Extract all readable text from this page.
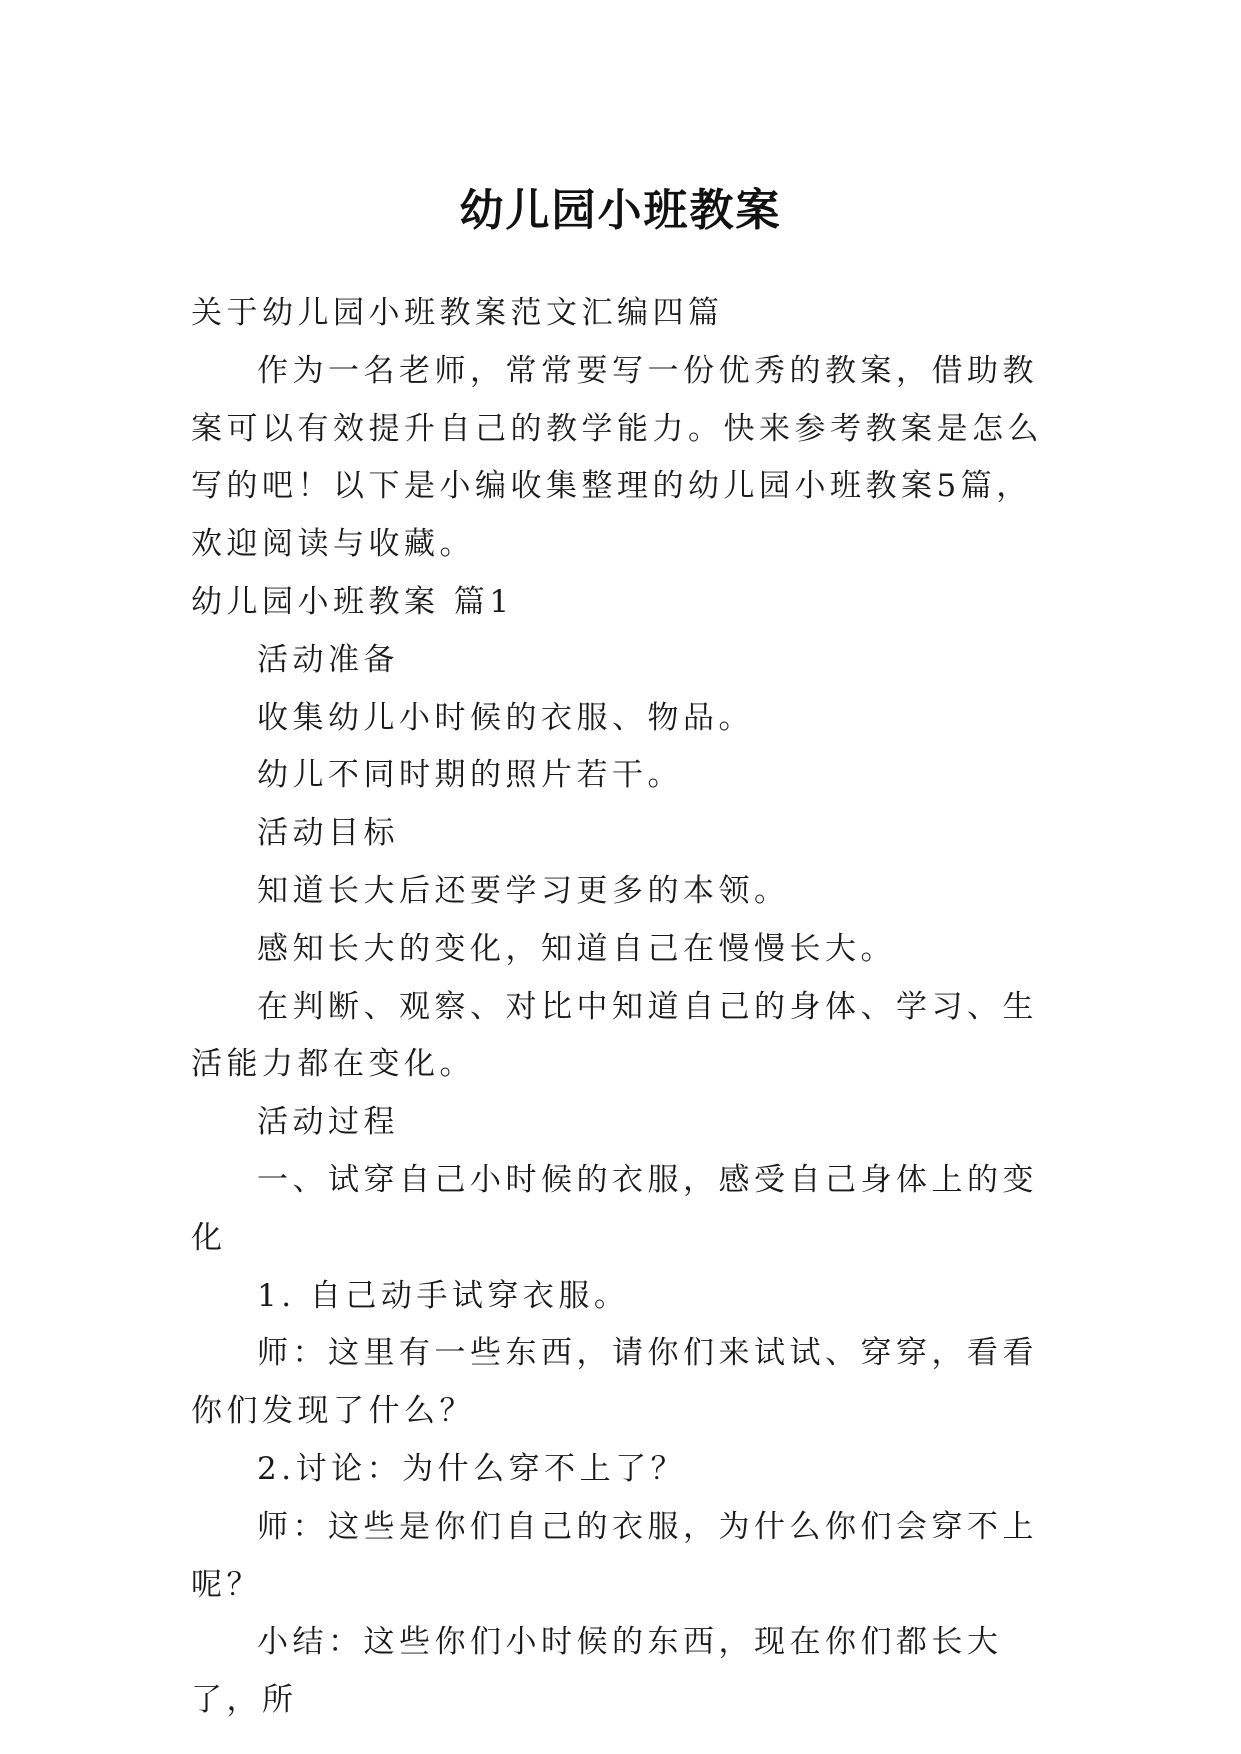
幼儿园小班教案

关于幼儿园小班教案范文汇编四篇

作为一名老师，常常要写一份优秀的教案，借助教案可以有效提升自己的教学能力。快来参考教案是怎么写的吧！以下是小编收集整理的幼儿园小班教案5篇，欢迎阅读与收藏。

幼儿园小班教案 篇1

活动准备

收集幼儿小时候的衣服、物品。

幼儿不同时期的照片若干。

活动目标

知道长大后还要学习更多的本领。

感知长大的变化，知道自己在慢慢长大。

在判断、观察、对比中知道自己的身体、学习、生活能力都在变化。

活动过程

一、试穿自己小时候的衣服，感受自己身体上的变化

1. 自己动手试穿衣服。

师：这里有一些东西，请你们来试试、穿穿，看看你们发现了什么？

2.讨论：为什么穿不上了？

师：这些是你们自己的衣服，为什么你们会穿不上呢？

小结：这些你们小时候的东西，现在你们都长大了，所
